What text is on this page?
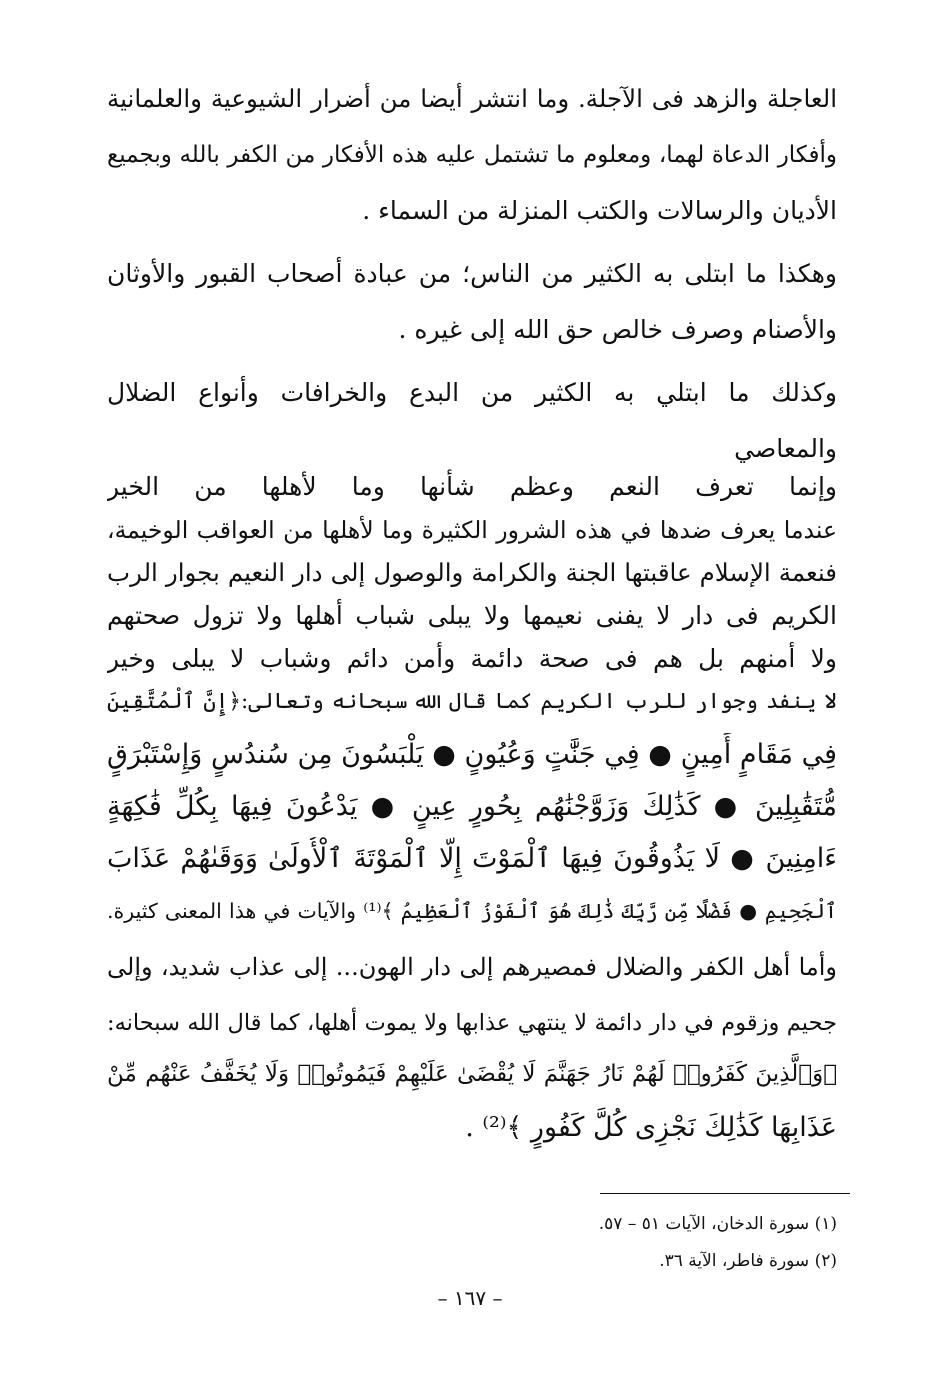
العاجلة والزهد فى الآجلة. وما انتشر أيضا من أضرار الشيوعية والعلمانية
وأفكار الدعاة لهما، ومعلوم ما تشتمل عليه هذه الأفكار من الكفر بالله وبجميع
الأديان والرسالات والكتب المنزلة من السماء .
وهكذا ما ابتلى به الكثير من الناس؛ من عبادة أصحاب القبور والأوثان
والأصنام وصرف خالص حق الله إلى غيره .
وكذلك ما ابتلي به الكثير من البدع والخرافات وأنواع الضلال
والمعاصي
وإنما تعرف النعم وعظم شأنها وما لأهلها من الخير
عندما يعرف ضدها في هذه الشرور الكثيرة وما لأهلها من العواقب الوخيمة،
فنعمة الإسلام عاقبتها الجنة والكرامة والوصول إلى دار النعيم بجوار الرب
الكريم فى دار لا يفنى نعيمها ولا يبلى شباب أهلها ولا تزول صحتهم
ولا أمنهم بل هم فى صحة دائمة وأمن دائم وشباب لا يبلى وخير
لا ينفد وجوار للرب الكريم كما قال الله سبحانه وتعالى:﴿إِنَّ ٱلْمُتَّقِينَ
فِي مَقَامٍ أَمِينٍ ● فِي جَنَّٰتٍ وَعُيُونٍ ● يَلْبَسُونَ مِن سُندُسٍ وَإِسْتَبْرَقٍ
مُّتَقَٰبِلِينَ ● كَذَٰلِكَ وَزَوَّجْنَٰهُم بِحُورٍ عِينٍ ● يَدْعُونَ فِيهَا بِكُلِّ فَٰكِهَةٍ
ءَامِنِينَ ● لَا يَذُوقُونَ فِيهَا ٱلْمَوْتَ إِلَّا ٱلْمَوْتَةَ ٱلْأُولَىٰ وَوَقَىٰهُمْ عَذَابَ
ٱلْجَحِيمِ ● فَضْلًا مِّن رَّبِّكَ ذَٰلِكَ هُوَ ٱلْفَوْزُ ٱلْعَظِيمُ ﴾⁽¹⁾ والآيات في هذا المعنى كثيرة.
وأما أهل الكفر والضلال فمصيرهم إلى دار الهون... إلى عذاب شديد، وإلى
جحيم وزقوم في دار دائمة لا ينتهي عذابها ولا يموت أهلها، كما قال الله سبحانه:
﴿وَٱلَّذِينَ كَفَرُوا۟ لَهُمْ نَارُ جَهَنَّمَ لَا يُقْضَىٰ عَلَيْهِمْ فَيَمُوتُوا۟ وَلَا يُخَفَّفُ عَنْهُم مِّنْ
عَذَابِهَا كَذَٰلِكَ نَجْزِى كُلَّ كَفُورٍ ﴾⁽²⁾ .
(١) سورة الدخان، الآيات ٥١ – ٥٧.
(٢) سورة فاطر، الآية ٣٦.
– ١٦٧ –
